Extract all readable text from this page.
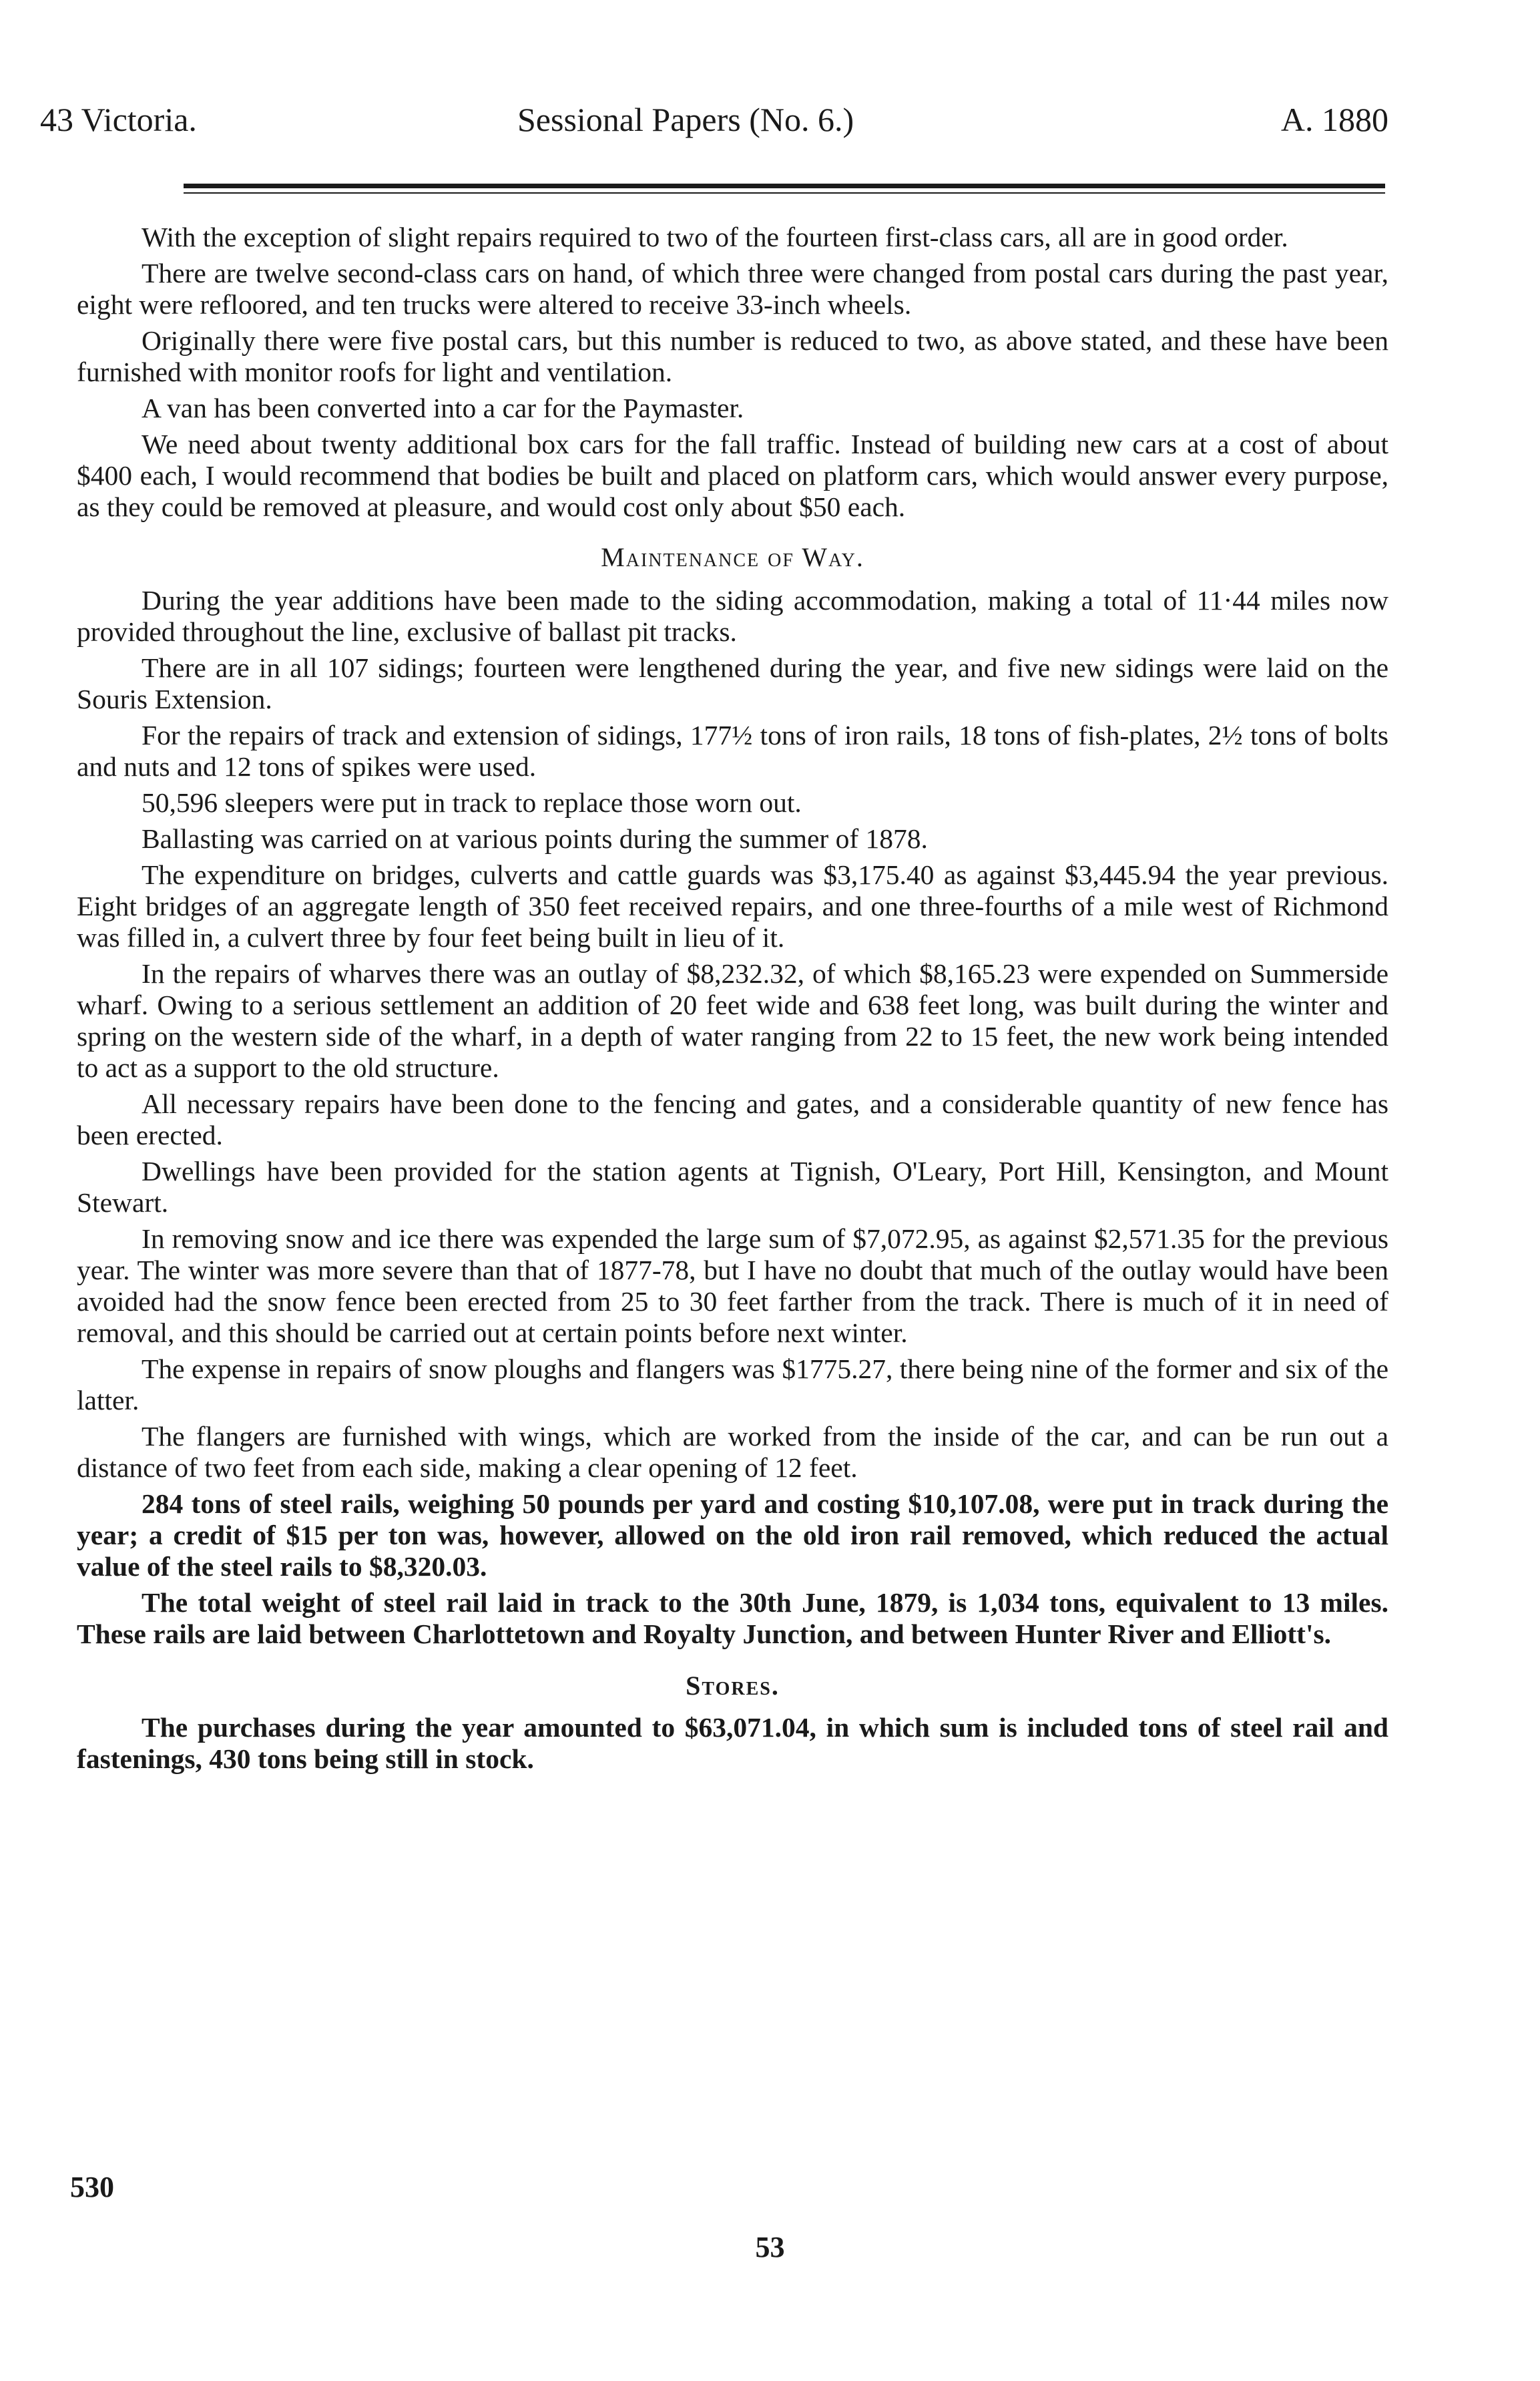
43 Victoria.	Sessional Papers (No. 6.)	A. 1880

With the exception of slight repairs required to two of the fourteen first-class cars, all are in good order.

There are twelve second-class cars on hand, of which three were changed from postal cars during the past year, eight were refloored, and ten trucks were altered to receive 33-inch wheels.

Originally there were five postal cars, but this number is reduced to two, as above stated, and these have been furnished with monitor roofs for light and ventilation.

A van has been converted into a car for the Paymaster.

We need about twenty additional box cars for the fall traffic. Instead of building new cars at a cost of about $400 each, I would recommend that bodies be built and placed on platform cars, which would answer every purpose, as they could be removed at pleasure, and would cost only about $50 each.

Maintenance of Way.

During the year additions have been made to the siding accommodation, making a total of 11·44 miles now provided throughout the line, exclusive of ballast pit tracks.

There are in all 107 sidings; fourteen were lengthened during the year, and five new sidings were laid on the Souris Extension.

For the repairs of track and extension of sidings, 177½ tons of iron rails, 18 tons of fish-plates, 2½ tons of bolts and nuts and 12 tons of spikes were used.

50,596 sleepers were put in track to replace those worn out.

Ballasting was carried on at various points during the summer of 1878.

The expenditure on bridges, culverts and cattle guards was $3,175.40 as against $3,445.94 the year previous. Eight bridges of an aggregate length of 350 feet received repairs, and one three-fourths of a mile west of Richmond was filled in, a culvert three by four feet being built in lieu of it.

In the repairs of wharves there was an outlay of $8,232.32, of which $8,165.23 were expended on Summerside wharf. Owing to a serious settlement an addition of 20 feet wide and 638 feet long, was built during the winter and spring on the western side of the wharf, in a depth of water ranging from 22 to 15 feet, the new work being intended to act as a support to the old structure.

All necessary repairs have been done to the fencing and gates, and a considerable quantity of new fence has been erected.

Dwellings have been provided for the station agents at Tignish, O'Leary, Port Hill, Kensington, and Mount Stewart.

In removing snow and ice there was expended the large sum of $7,072.95, as against $2,571.35 for the previous year. The winter was more severe than that of 1877-78, but I have no doubt that much of the outlay would have been avoided had the snow fence been erected from 25 to 30 feet farther from the track. There is much of it in need of removal, and this should be carried out at certain points before next winter.

The expense in repairs of snow ploughs and flangers was $1775.27, there being nine of the former and six of the latter.

The flangers are furnished with wings, which are worked from the inside of the car, and can be run out a distance of two feet from each side, making a clear opening of 12 feet.

284 tons of steel rails, weighing 50 pounds per yard and costing $10,107.08, were put in track during the year; a credit of $15 per ton was, however, allowed on the old iron rail removed, which reduced the actual value of the steel rails to $8,320.03.

The total weight of steel rail laid in track to the 30th June, 1879, is 1,034 tons, equivalent to 13 miles. These rails are laid between Charlottetown and Royalty Junction, and between Hunter River and Elliott's.

Stores.

The purchases during the year amounted to $63,071.04, in which sum is included tons of steel rail and fastenings, 430 tons being still in stock.

530
53
